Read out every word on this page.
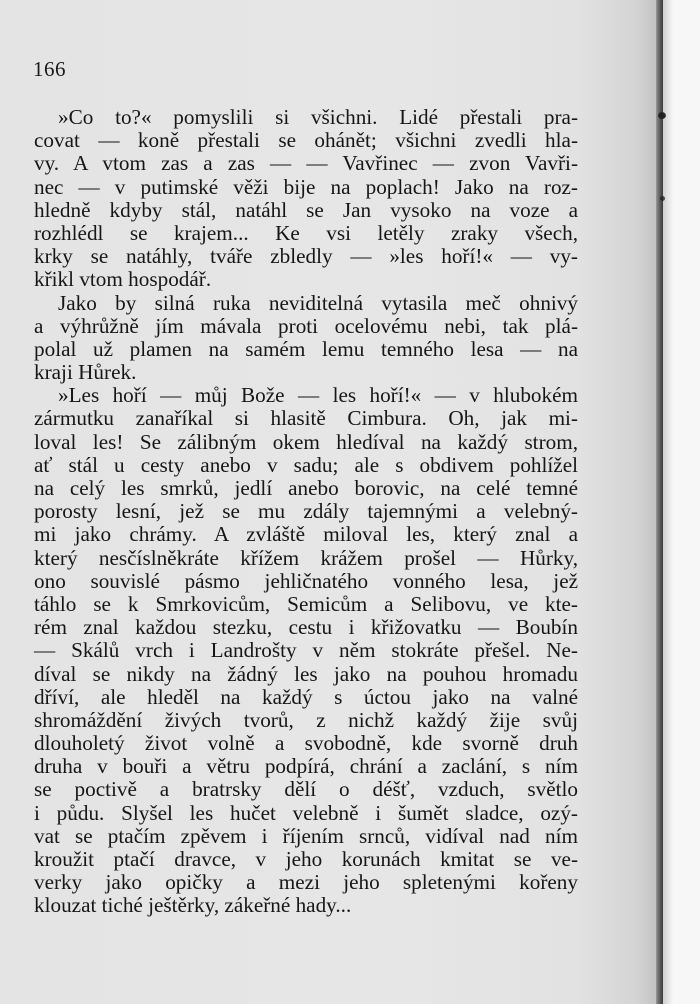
166
»Co to?« pomyslili si všichni. Lidé přestali pra-
covat — koně přestali se ohánět; všichni zvedli hla-
vy. A vtom zas a zas — — Vavřinec — zvon Vavři-
nec — v putimské věži bije na poplach! Jako na roz-
hledně kdyby stál, natáhl se Jan vysoko na voze a
rozhlédl se krajem... Ke vsi letěly zraky všech,
krky se natáhly, tváře zbledly — »les hoří!« — vy-
křikl vtom hospodář.
Jako by silná ruka neviditelná vytasila meč ohnivý
a výhrůžně jím mávala proti ocelovému nebi, tak plá-
polal už plamen na samém lemu temného lesa — na
kraji Hůrek.
»Les hoří — můj Bože — les hoří!« — v hlubokém
zármutku zanaříkal si hlasitě Cimbura. Oh, jak mi-
loval les! Se zálibným okem hledíval na každý strom,
ať stál u cesty anebo v sadu; ale s obdivem pohlížel
na celý les smrků, jedlí anebo borovic, na celé temné
porosty lesní, jež se mu zdály tajemnými a velebný-
mi jako chrámy. A zvláště miloval les, který znal a
který nesčíslněkráte křížem krážem prošel — Hůrky,
ono souvislé pásmo jehličnatého vonného lesa, jež
táhlo se k Smrkovicům, Semicům a Selibovu, ve kte-
rém znal každou stezku, cestu i křižovatku — Boubín
— Skálů vrch i Landrošty v něm stokráte přešel. Ne-
díval se nikdy na žádný les jako na pouhou hromadu
dříví, ale hleděl na každý s úctou jako na valné
shromáždění živých tvorů, z nichž každý žije svůj
dlouholetý život volně a svobodně, kde svorně druh
druha v bouři a větru podpírá, chrání a zaclání, s ním
se poctivě a bratrsky dělí o déšť, vzduch, světlo
i půdu. Slyšel les hučet velebně i šumět sladce, ozý-
vat se ptačím zpěvem i říjením srnců, vidíval nad ním
kroužit ptačí dravce, v jeho korunách kmitat se ve-
verky jako opičky a mezi jeho spletenými kořeny
klouzat tiché ještěrky, zákeřné hady...
